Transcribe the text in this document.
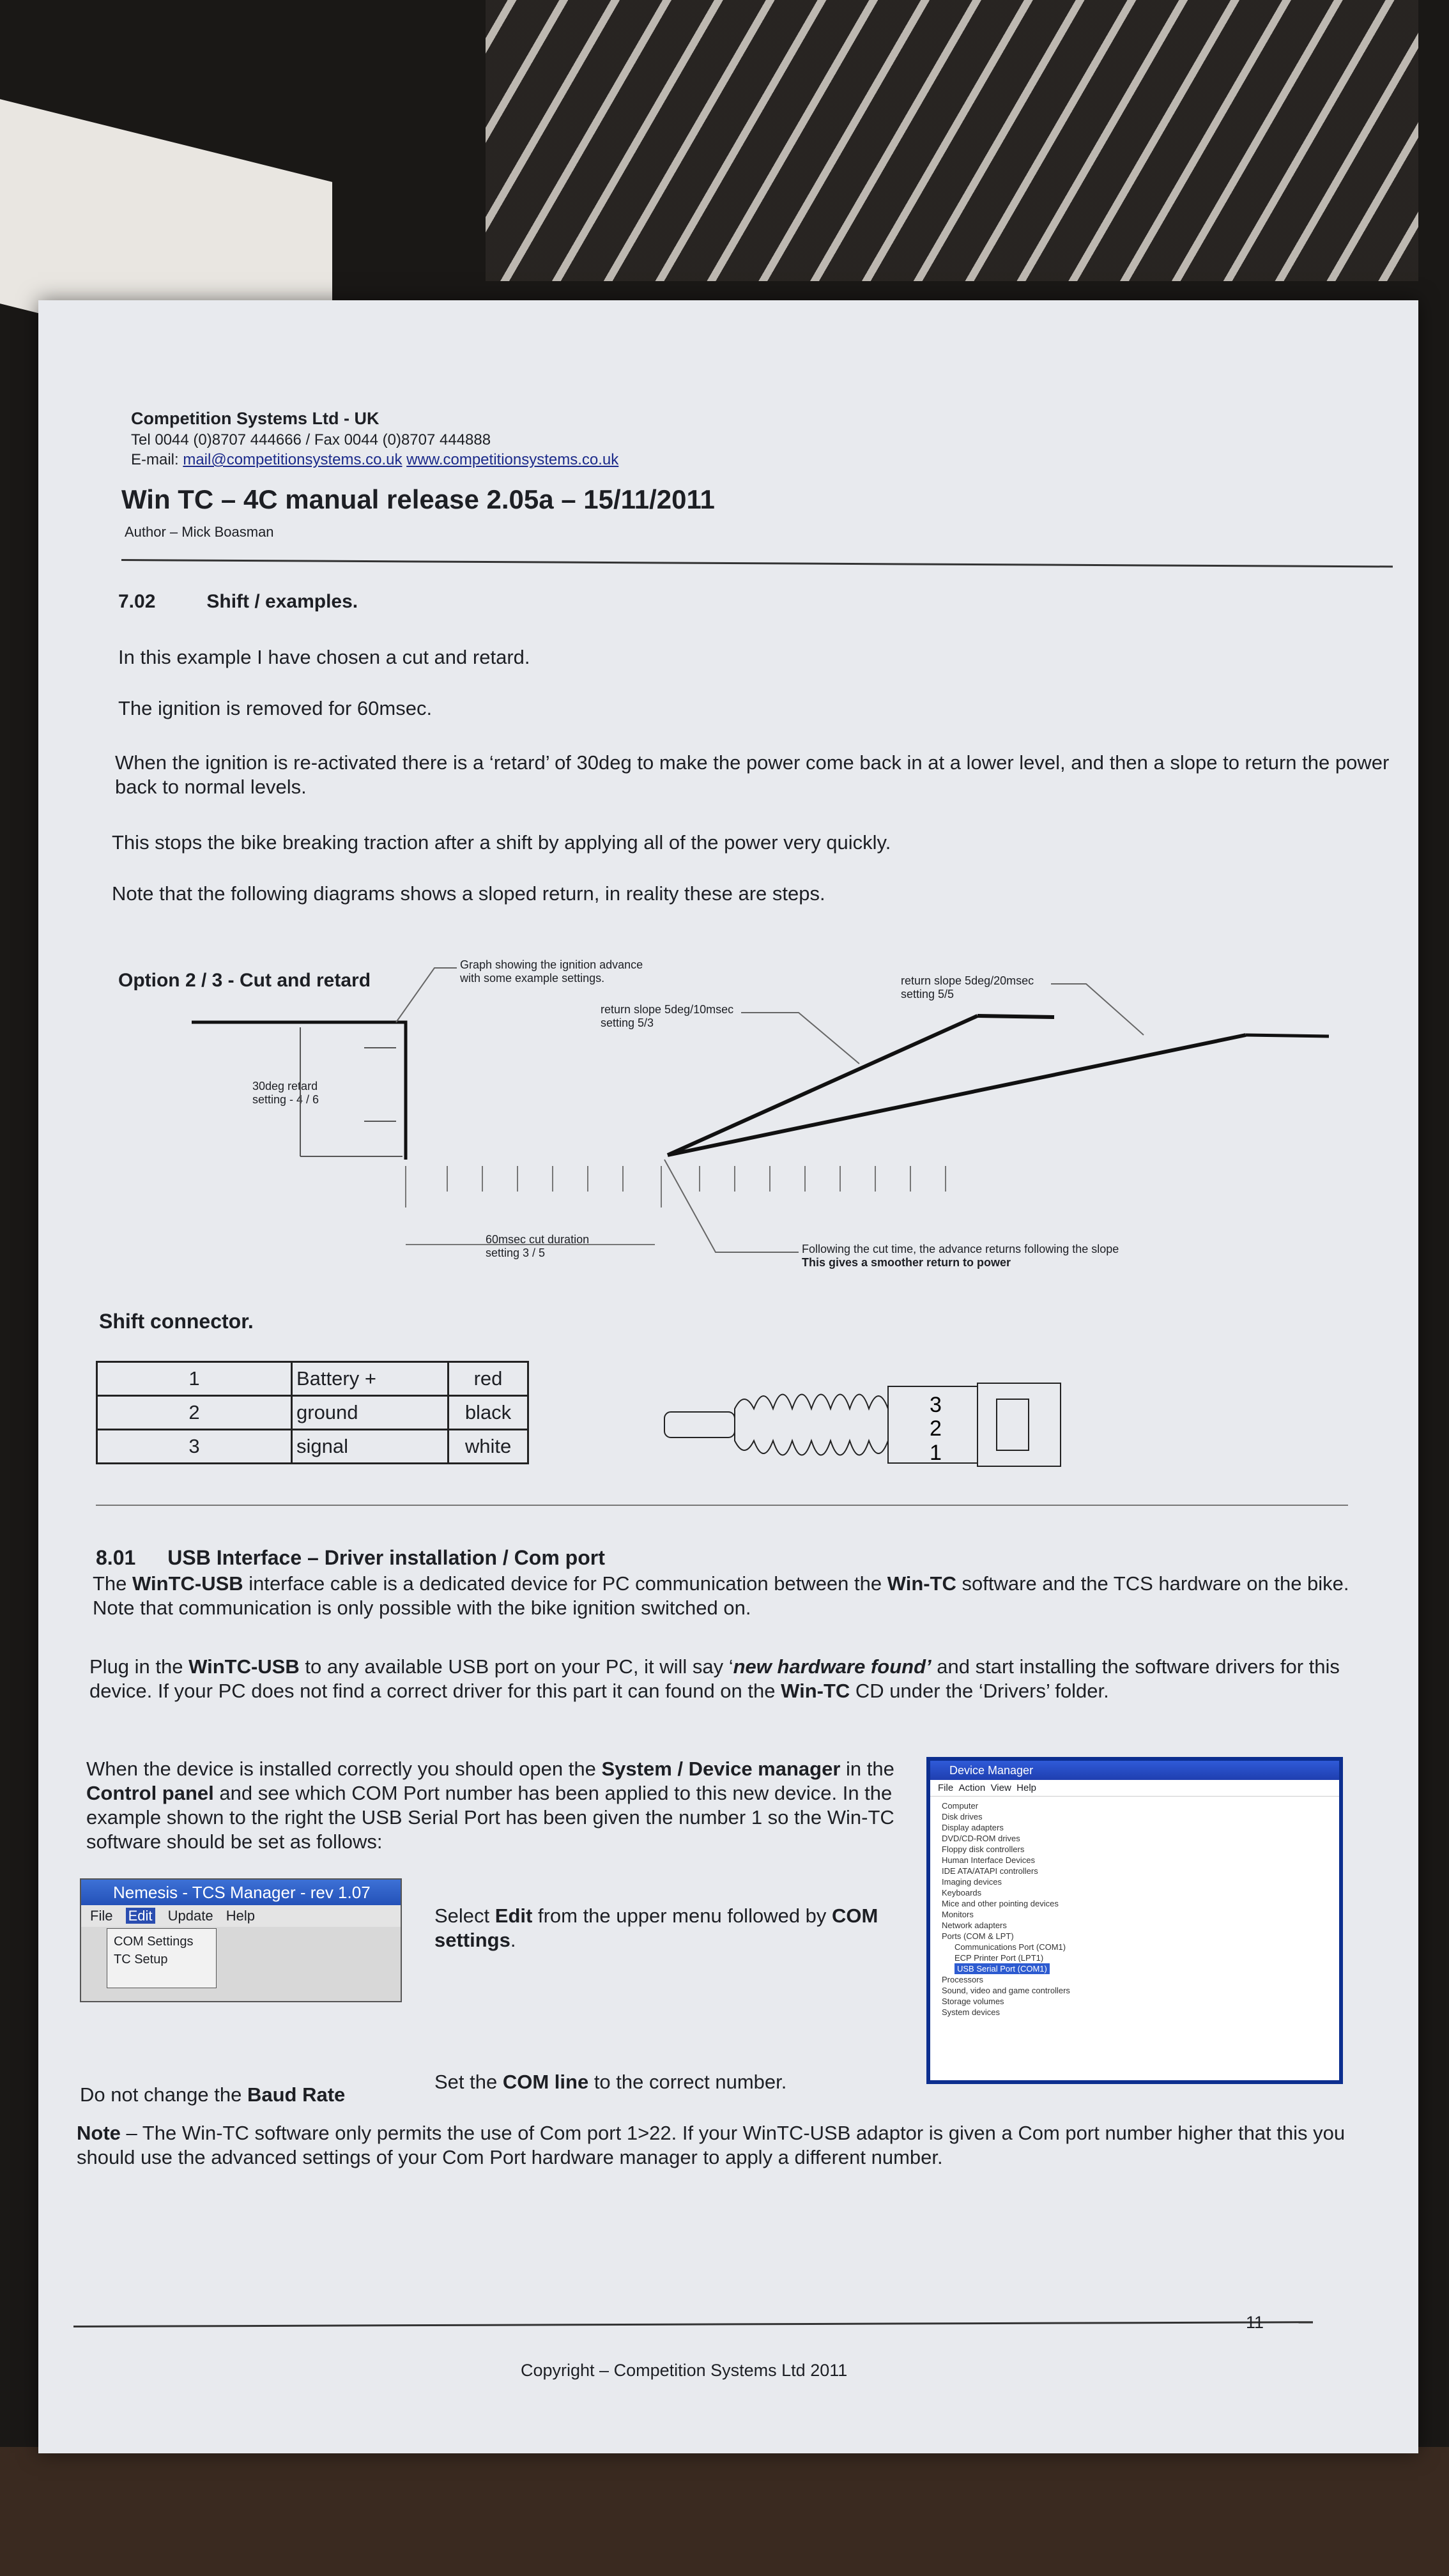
Competition Systems Ltd - UK
Tel 0044 (0)8707 444666 / Fax 0044 (0)8707 444888
E-mail: mail@competitionsystems.co.uk www.competitionsystems.co.uk
Win TC – 4C manual release 2.05a – 15/11/2011
Author – Mick Boasman
7.02	Shift / examples.
In this example I have chosen a cut and retard.
The ignition is removed for 60msec.
When the ignition is re-activated there is a ‘retard’ of 30deg to make the power come back in at a lower level, and then a slope to return the power back to normal levels.
This stops the bike breaking traction after a shift by applying all of the power very quickly.
Note that the following diagrams shows a sloped return, in reality these are steps.
Option 2 / 3 - Cut and retard
Graph showing the ignition advance
with some example settings.
return slope 5deg/10msec
setting 5/3
return slope 5deg/20msec
setting 5/5
30deg retard
setting - 4 / 6
60msec cut duration
setting 3 / 5	Following the cut time, the advance returns following the slope
This gives a smoother return to power
Shift connector.
1	Battery +	red
2	ground	black
3	signal	white
3
2
1
8.01 USB Interface – Driver installation / Com port
The WinTC-USB interface cable is a dedicated device for PC communication between the Win-TC software and the TCS hardware on the bike. Note that communication is only possible with the bike ignition switched on.
Plug in the WinTC-USB to any available USB port on your PC, it will say ‘new hardware found’ and start installing the software drivers for this device. If your PC does not find a correct driver for this part it can found on the Win-TC CD under the ‘Drivers’ folder.
When the device is installed correctly you should open the System / Device manager in the Control panel and see which COM Port number has been applied to this new device. In the example shown to the right the USB Serial Port has been given the number 1 so the Win-TC software should be set as follows:
Nemesis - TCS Manager - rev 1.07
File Edit Update Help
COM Settings
TC Setup
Select Edit from the upper menu followed by COM settings.
Device Manager
File Action View Help
Computer
Disk drives
Display adapters
DVD/CD-ROM drives
Floppy disk controllers
Human Interface Devices
IDE ATA/ATAPI controllers
Imaging devices
Keyboards
Mice and other pointing devices
Monitors
Network adapters
Ports (COM & LPT)
Communications Port (COM1)
ECP Printer Port (LPT1)
USB Serial Port (COM1)
Processors
Sound, video and game controllers
Storage volumes
System devices
Set the COM line to the correct number.
Do not change the Baud Rate
Note – The Win-TC software only permits the use of Com port 1>22. If your WinTC-USB adaptor is given a Com port number higher that this you should use the advanced settings of your Com Port hardware manager to apply a different number.
11
Copyright – Competition Systems Ltd 2011
